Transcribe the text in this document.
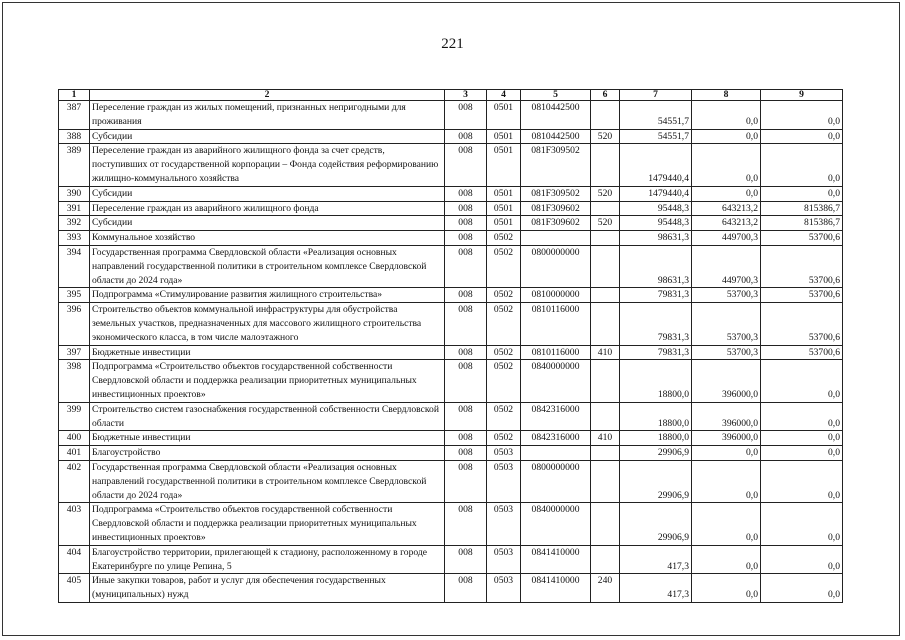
221
1	2	3	4	5	6	7	8	9
387	Переселение граждан из жилых помещений, признанных непригодными для проживания	008	0501	0810442500		54551,7	0,0	0,0
388	Субсидии	008	0501	0810442500	520	54551,7	0,0	0,0
389	Переселение граждан из аварийного жилищного фонда за счет средств, поступивших от государственной корпорации – Фонда содействия реформированию жилищно-коммунального хозяйства	008	0501	081F309502		1479440,4	0,0	0,0
390	Субсидии	008	0501	081F309502	520	1479440,4	0,0	0,0
391	Переселение граждан из аварийного жилищного фонда	008	0501	081F309602		95448,3	643213,2	815386,7
392	Субсидии	008	0501	081F309602	520	95448,3	643213,2	815386,7
393	Коммунальное хозяйство	008	0502			98631,3	449700,3	53700,6
394	Государственная программа Свердловской области «Реализация основных направлений государственной политики в строительном комплексе Свердловской области до 2024 года»	008	0502	0800000000		98631,3	449700,3	53700,6
395	Подпрограмма «Стимулирование развития жилищного строительства»	008	0502	0810000000		79831,3	53700,3	53700,6
396	Строительство объектов коммунальной инфраструктуры для обустройства земельных участков, предназначенных для массового жилищного строительства экономического класса, в том числе малоэтажного	008	0502	0810116000		79831,3	53700,3	53700,6
397	Бюджетные инвестиции	008	0502	0810116000	410	79831,3	53700,3	53700,6
398	Подпрограмма «Строительство объектов государственной собственности Свердловской области и поддержка реализации приоритетных муниципальных инвестиционных проектов»	008	0502	0840000000		18800,0	396000,0	0,0
399	Строительство систем газоснабжения государственной собственности Свердловской области	008	0502	0842316000		18800,0	396000,0	0,0
400	Бюджетные инвестиции	008	0502	0842316000	410	18800,0	396000,0	0,0
401	Благоустройство	008	0503			29906,9	0,0	0,0
402	Государственная программа Свердловской области «Реализация основных направлений государственной политики в строительном комплексе Свердловской области до 2024 года»	008	0503	0800000000		29906,9	0,0	0,0
403	Подпрограмма «Строительство объектов государственной собственности Свердловской области и поддержка реализации приоритетных муниципальных инвестиционных проектов»	008	0503	0840000000		29906,9	0,0	0,0
404	Благоустройство территории, прилегающей к стадиону, расположенному в городе Екатеринбурге по улице Репина, 5	008	0503	0841410000		417,3	0,0	0,0
405	Иные закупки товаров, работ и услуг для обеспечения государственных (муниципальных) нужд	008	0503	0841410000	240	417,3	0,0	0,0
